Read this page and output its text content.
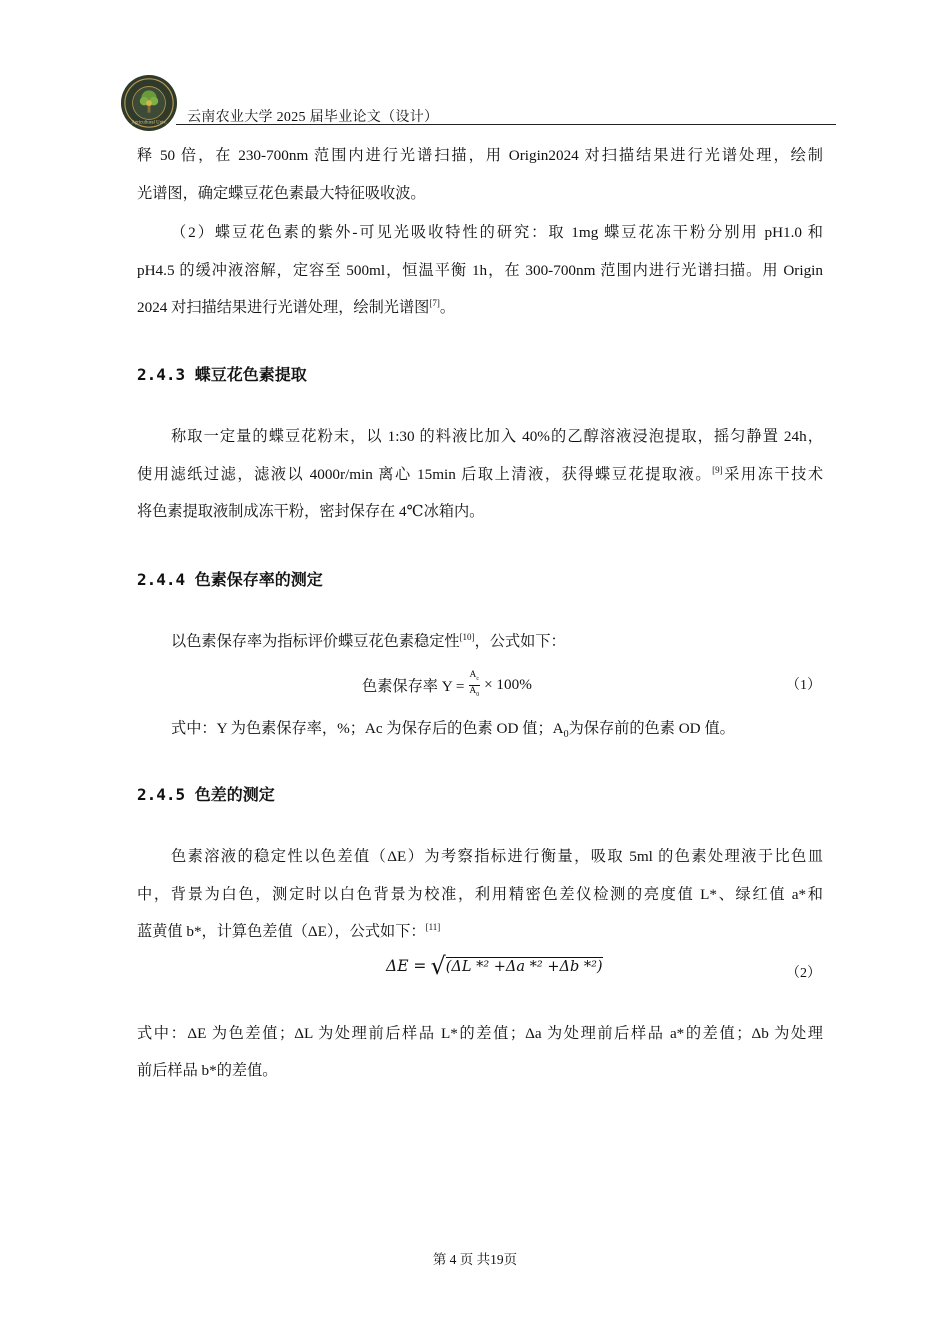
Agricultural Univ. 云南农业大学 2025 届毕业论文（设计）

释 50 倍，在 230-700nm 范围内进行光谱扫描，用 Origin2024 对扫描结果进行光谱处理，绘制

光谱图，确定蝶豆花色素最大特征吸收波。

（2）蝶豆花色素的紫外-可见光吸收特性的研究：取 1mg 蝶豆花冻干粉分别用 pH1.0 和

pH4.5 的缓冲液溶解，定容至 500ml，恒温平衡 1h，在 300-700nm 范围内进行光谱扫描。用 Origin

2024 对扫描结果进行光谱处理，绘制光谱图[7]。

2.4.3 蝶豆花色素提取

称取一定量的蝶豆花粉末，以 1:30 的料液比加入 40%的乙醇溶液浸泡提取，摇匀静置 24h，

使用滤纸过滤，滤液以 4000r/min 离心 15min 后取上清液，获得蝶豆花提取液。[9]采用冻干技术

将色素提取液制成冻干粉，密封保存在 4℃冰箱内。

2.4.4 色素保存率的测定

以色素保存率为指标评价蝶豆花色素稳定性[10]，公式如下：

色素保存率 $Y = \frac{A_c}{A_0} \times 100\%$	（1）

式中：Y 为色素保存率，%；Ac 为保存后的色素 OD 值；$A_0$为保存前的色素 OD 值。

2.4.5 色差的测定

色素溶液的稳定性以色差值（ΔE）为考察指标进行衡量，吸取 5ml 的色素处理液于比色皿

中，背景为白色，测定时以白色背景为校准，利用精密色差仪检测的亮度值 L*、绿红值 a*和

蓝黄值 b*，计算色差值（ΔE），公式如下：[11]

ΔE = √ (ΔL *² +Δa *² +Δb *²)	（2）

式中：ΔE 为色差值；ΔL 为处理前后样品 L*的差值；Δa 为处理前后样品 a*的差值；Δb 为处理

前后样品 b*的差值。

第 4 页 共19页
